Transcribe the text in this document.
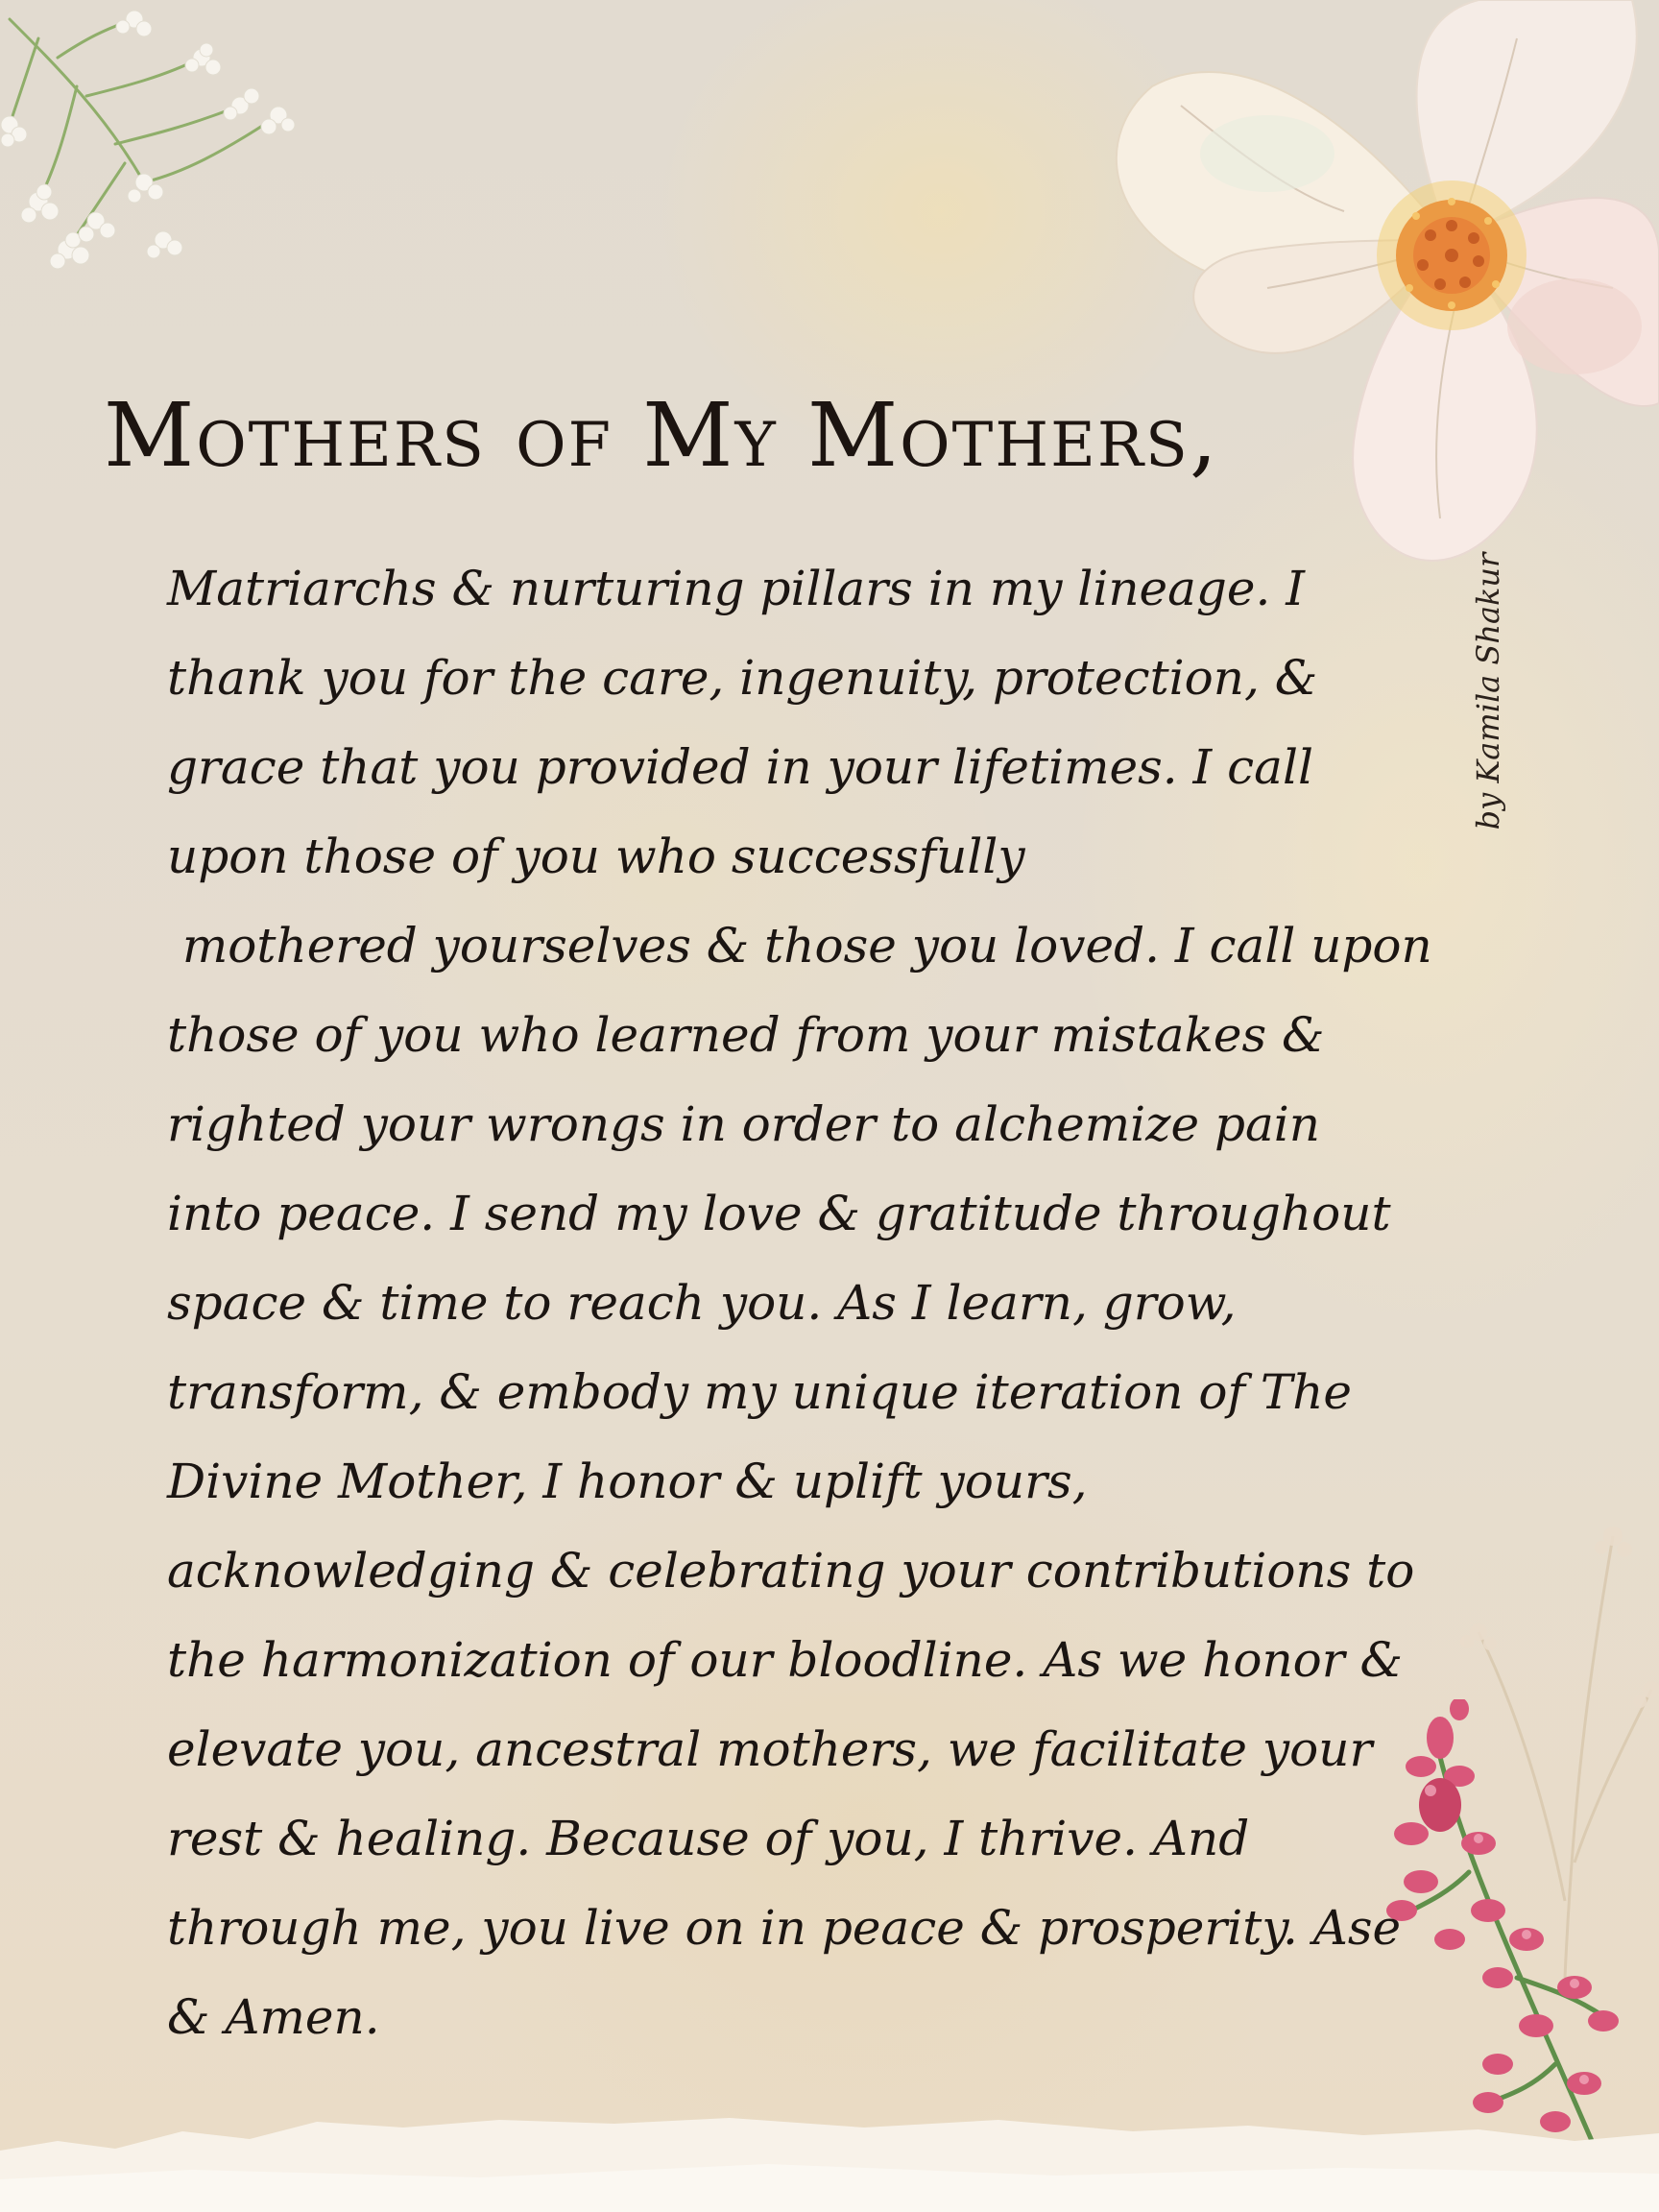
Mothers of My Mothers,
by Kamila Shakur
Matriarchs & nurturing pillars in my lineage. I
thank you for the care, ingenuity, protection, &
grace that you provided in your lifetimes. I call
upon those of you who successfully
mothered yourselves & those you loved. I call upon
those of you who learned from your mistakes &
righted your wrongs in order to alchemize pain
into peace. I send my love & gratitude throughout
space & time to reach you. As I learn, grow,
transform, & embody my unique iteration of The
Divine Mother, I honor & uplift yours,
acknowledging & celebrating your contributions to
the harmonization of our bloodline. As we honor &
elevate you, ancestral mothers, we facilitate your
rest & healing. Because of you, I thrive. And
through me, you live on in peace & prosperity. Ase
& Amen.
